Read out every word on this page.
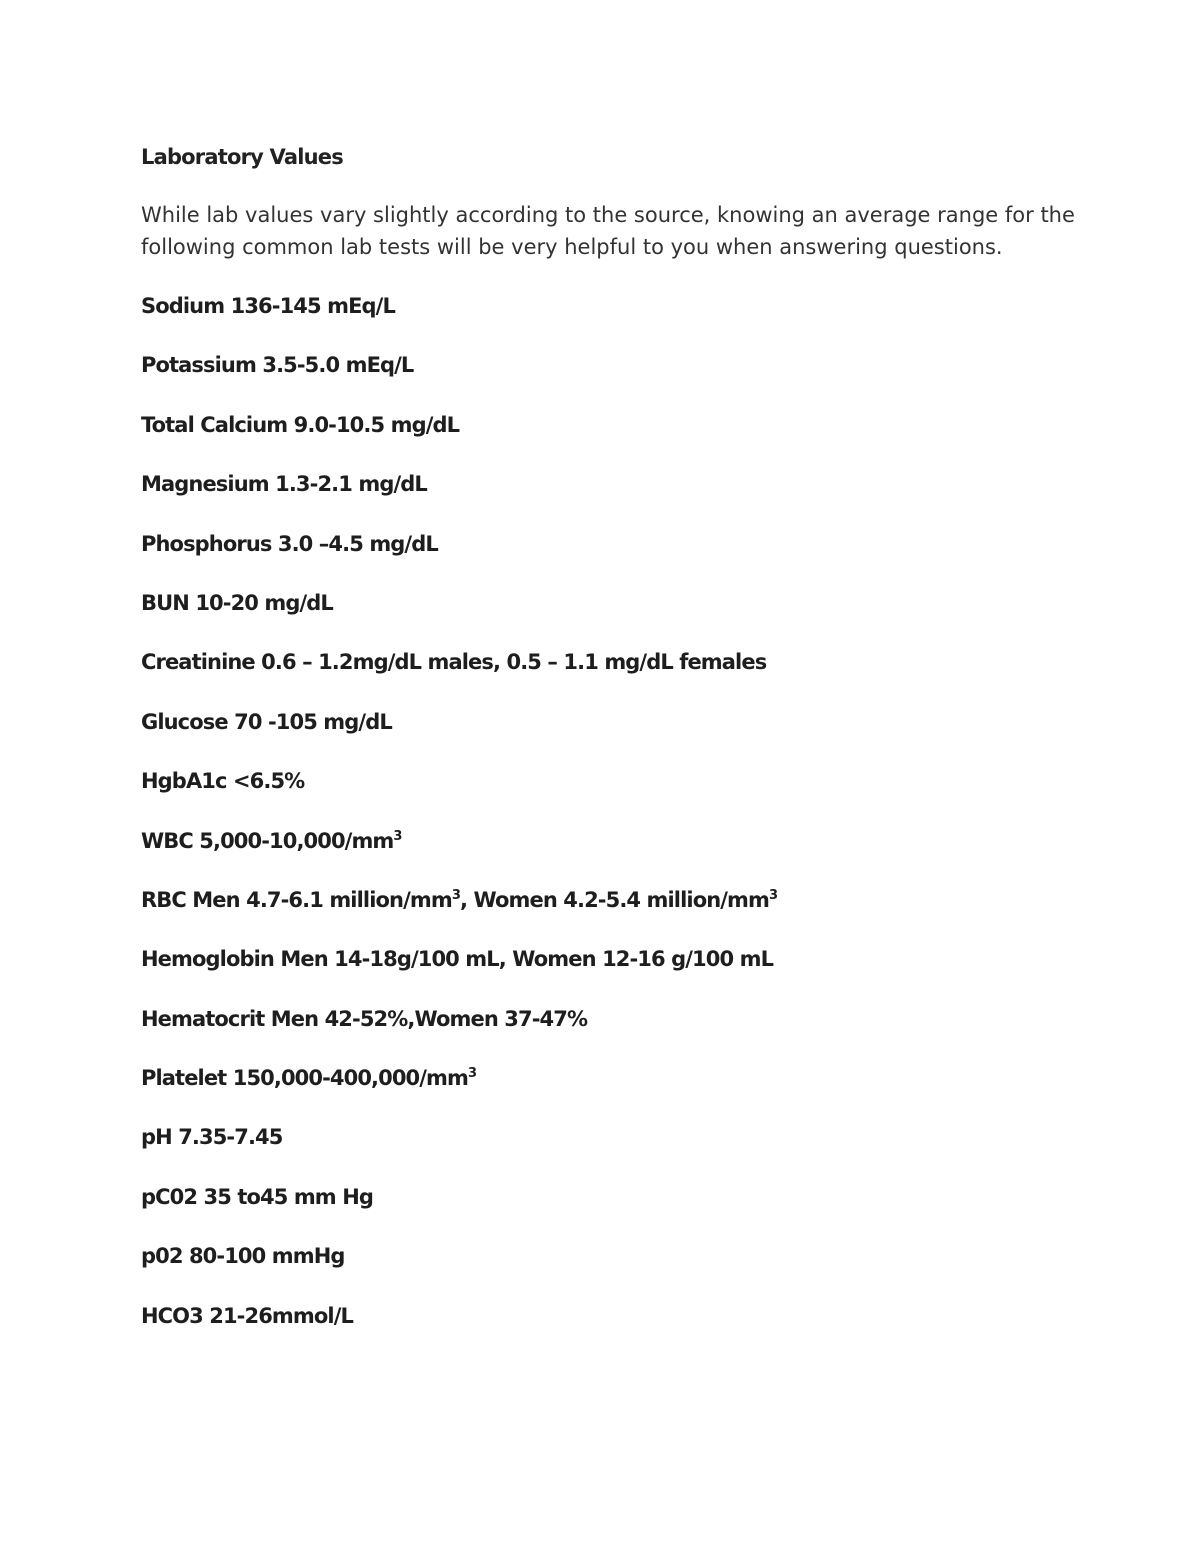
Laboratory Values

While lab values vary slightly according to the source, knowing an average range for the following common lab tests will be very helpful to you when answering questions.

Sodium 136-145 mEq/L
Potassium 3.5-5.0 mEq/L
Total Calcium 9.0-10.5 mg/dL
Magnesium 1.3-2.1 mg/dL
Phosphorus 3.0 –4.5 mg/dL
BUN 10-20 mg/dL
Creatinine 0.6 – 1.2mg/dL males, 0.5 – 1.1 mg/dL females
Glucose 70 -105 mg/dL
HgbA1c <6.5%
WBC $5,000-10,000/mm^3$
RBC Men 4.7-6.1 million/$mm^3$, Women 4.2-5.4 million/$mm^3$
Hemoglobin Men 14-18g/100 mL, Women 12-16 g/100 mL
Hematocrit Men 42-52%,Women 37-47%
Platelet $150,000-400,000/mm^3$
pH 7.35-7.45
pC02 35 to45 mm Hg
p02 80-100 mmHg
HCO3 21-26mmol/L
